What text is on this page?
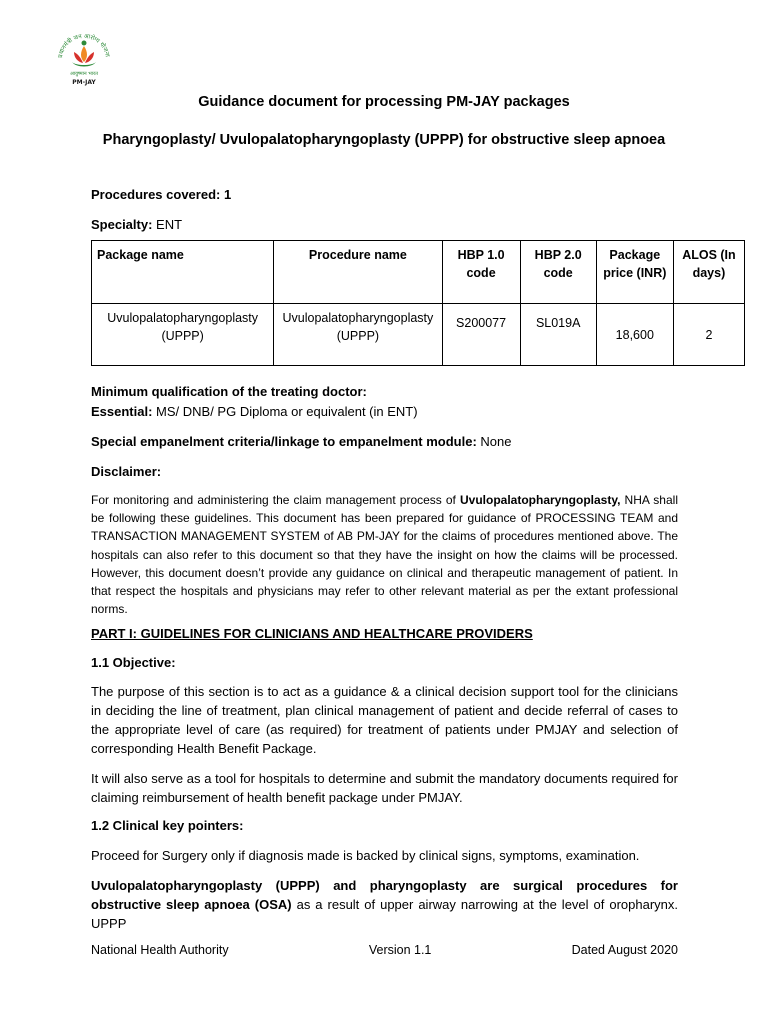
प्रधानमंत्री जन आरोग्य योजना
आयुष्मान भारत
PM-JAY
Guidance document for processing PM-JAY packages
Pharyngoplasty/ Uvulopalatopharyngoplasty (UPPP) for obstructive sleep apnoea
Procedures covered: 1
Specialty: ENT
Package name	Procedure name	HBP 1.0 code	HBP 2.0 code	Package price (INR)	ALOS (In days)
Uvulopalatopharyngoplasty (UPPP)	Uvulopalatopharyngoplasty (UPPP)	S200077	SL019A	18,600	2
Minimum qualification of the treating doctor:
Essential: MS/ DNB/ PG Diploma or equivalent (in ENT)
Special empanelment criteria/linkage to empanelment module: None
Disclaimer:
For monitoring and administering the claim management process of Uvulopalatopharyngoplasty, NHA shall be following these guidelines. This document has been prepared for guidance of PROCESSING TEAM and TRANSACTION MANAGEMENT SYSTEM of AB PM-JAY for the claims of procedures mentioned above. The hospitals can also refer to this document so that they have the insight on how the claims will be processed. However, this document doesn’t provide any guidance on clinical and therapeutic management of patient. In that respect the hospitals and physicians may refer to other relevant material as per the extant professional norms.
PART I: GUIDELINES FOR CLINICIANS AND HEALTHCARE PROVIDERS
1.1 Objective:
The purpose of this section is to act as a guidance & a clinical decision support tool for the clinicians in deciding the line of treatment, plan clinical management of patient and decide referral of cases to the appropriate level of care (as required) for treatment of patients under PMJAY and selection of corresponding Health Benefit Package.
It will also serve as a tool for hospitals to determine and submit the mandatory documents required for claiming reimbursement of health benefit package under PMJAY.
1.2 Clinical key pointers:
Proceed for Surgery only if diagnosis made is backed by clinical signs, symptoms, examination.
Uvulopalatopharyngoplasty (UPPP) and pharyngoplasty are surgical procedures for obstructive sleep apnoea (OSA) as a result of upper airway narrowing at the level of oropharynx. UPPP
National Health Authority	Version 1.1	Dated August 2020
